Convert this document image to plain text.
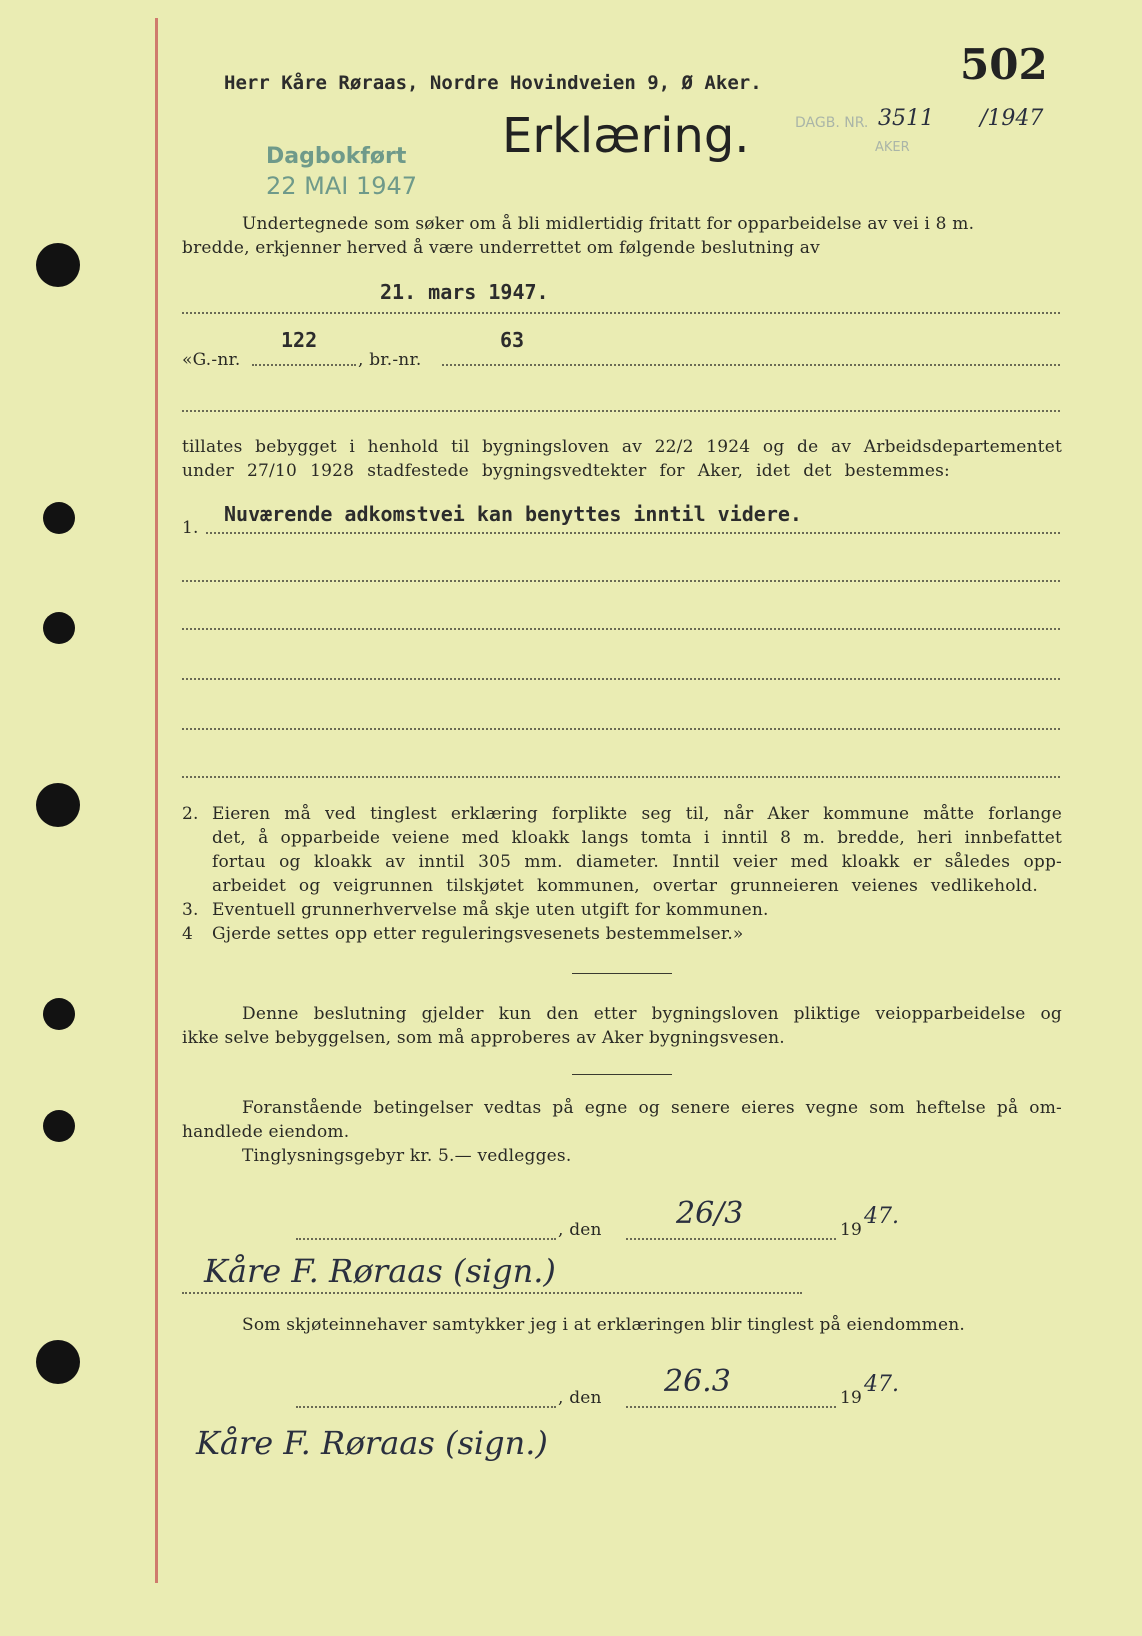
Herr Kåre Røraas, Nordre Hovindveien 9, Ø Aker.	502
Erklæring.	DAGB. NR. 3511 /1947
AKER
Dagbokført
22 MAI 1947
Undertegnede som søker om å bli midlertidig fritatt for opparbeidelse av vei i 8 m.
bredde, erkjenner herved å være underrettet om følgende beslutning av
21. mars 1947.
122	63
«G.-nr.	, br.-nr.
tillates bebygget i henhold til bygningsloven av 22/2 1924 og de av Arbeidsdepartementet
under 27/10 1928 stadfestede bygningsvedtekter for Aker, idet det bestemmes:
1.
Nuværende adkomstvei kan benyttes inntil videre.
2. Eieren må ved tinglest erklæring forplikte seg til, når Aker kommune måtte forlange
det, å opparbeide veiene med kloakk langs tomta i inntil 8 m. bredde, heri innbefattet
fortau og kloakk av inntil 305 mm. diameter. Inntil veier med kloakk er således opp-
arbeidet og veigrunnen tilskjøtet kommunen, overtar grunneieren veienes vedlikehold.
3. Eventuell grunnerhvervelse må skje uten utgift for kommunen.
4 Gjerde settes opp etter reguleringsvesenets bestemmelser.»
Denne beslutning gjelder kun den etter bygningsloven pliktige veiopparbeidelse og
ikke selve bebyggelsen, som må approberes av Aker bygningsvesen.
Foranstående betingelser vedtas på egne og senere eieres vegne som heftelse på om-
handlede eiendom.
Tinglysningsgebyr kr. 5.— vedlegges.
, den 26/3	19
47.
Kåre F. Røraas (sign.)
Som skjøteinnehaver samtykker jeg i at erklæringen blir tinglest på eiendommen.
, den 26.3	19
47.
Kåre F. Røraas (sign.)
